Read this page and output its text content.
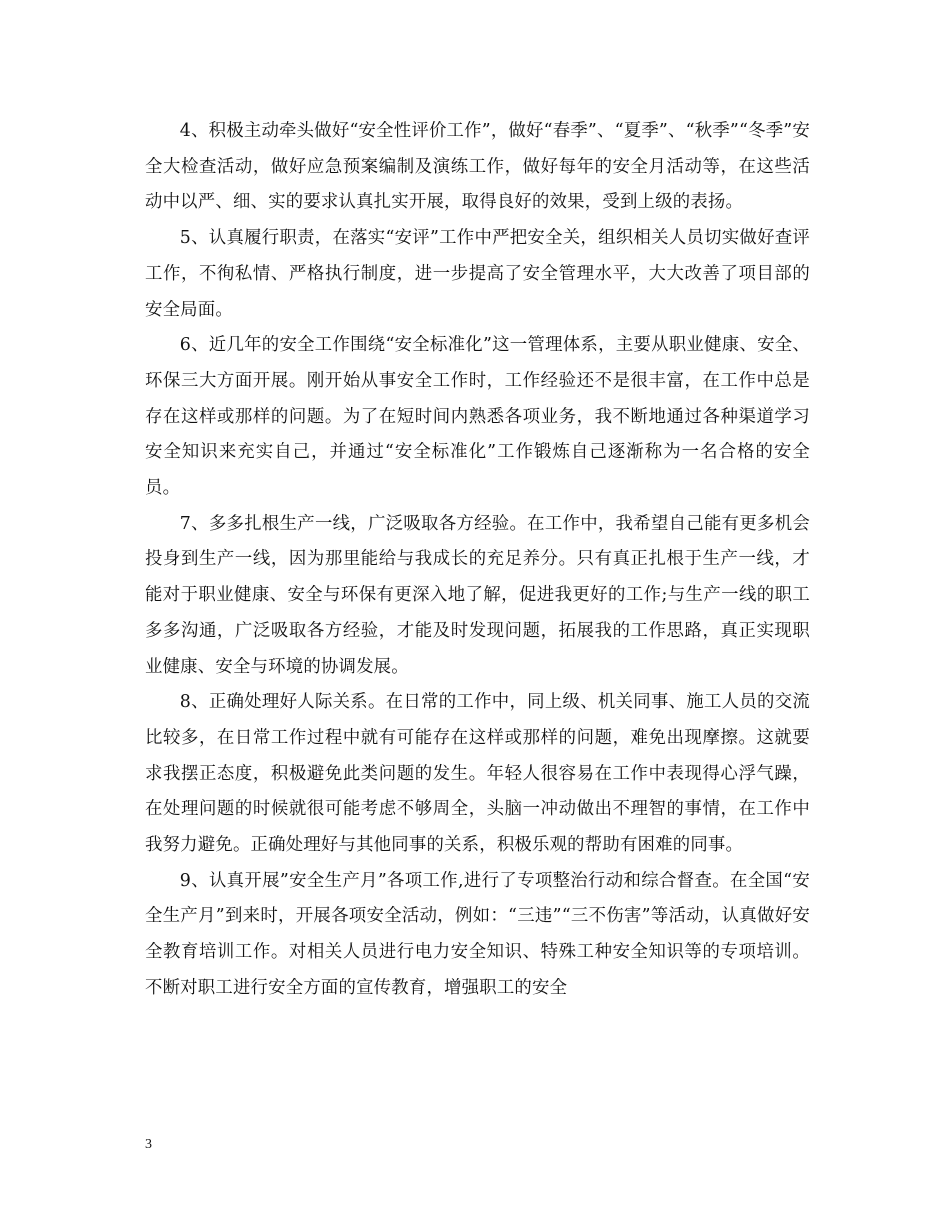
4、积极主动牵头做好“安全性评价工作”，做好“春季”、“夏季”、“秋季”“冬季”安全大检查活动，做好应急预案编制及演练工作，做好每年的安全月活动等，在这些活动中以严、细、实的要求认真扎实开展，取得良好的效果，受到上级的表扬。

5、认真履行职责，在落实“安评”工作中严把安全关，组织相关人员切实做好查评工作，不徇私情、严格执行制度，进一步提高了安全管理水平，大大改善了项目部的安全局面。

6、近几年的安全工作围绕“安全标准化”这一管理体系，主要从职业健康、安全、环保三大方面开展。刚开始从事安全工作时，工作经验还不是很丰富，在工作中总是存在这样或那样的问题。为了在短时间内熟悉各项业务，我不断地通过各种渠道学习安全知识来充实自己，并通过“安全标准化”工作锻炼自己逐渐称为一名合格的安全员。

7、多多扎根生产一线，广泛吸取各方经验。在工作中，我希望自己能有更多机会投身到生产一线，因为那里能给与我成长的充足养分。只有真正扎根于生产一线，才能对于职业健康、安全与环保有更深入地了解，促进我更好的工作;与生产一线的职工多多沟通，广泛吸取各方经验，才能及时发现问题，拓展我的工作思路，真正实现职业健康、安全与环境的协调发展。

8、正确处理好人际关系。在日常的工作中，同上级、机关同事、施工人员的交流比较多，在日常工作过程中就有可能存在这样或那样的问题，难免出现摩擦。这就要求我摆正态度，积极避免此类问题的发生。年轻人很容易在工作中表现得心浮气躁，在处理问题的时候就很可能考虑不够周全，头脑一冲动做出不理智的事情，在工作中我努力避免。正确处理好与其他同事的关系，积极乐观的帮助有困难的同事。

9、认真开展”安全生产月”各项工作,进行了专项整治行动和综合督查。在全国“安全生产月”到来时，开展各项安全活动，例如：“三违”“三不伤害”等活动，认真做好安全教育培训工作。对相关人员进行电力安全知识、特殊工种安全知识等的专项培训。不断对职工进行安全方面的宣传教育，增强职工的安全

3
